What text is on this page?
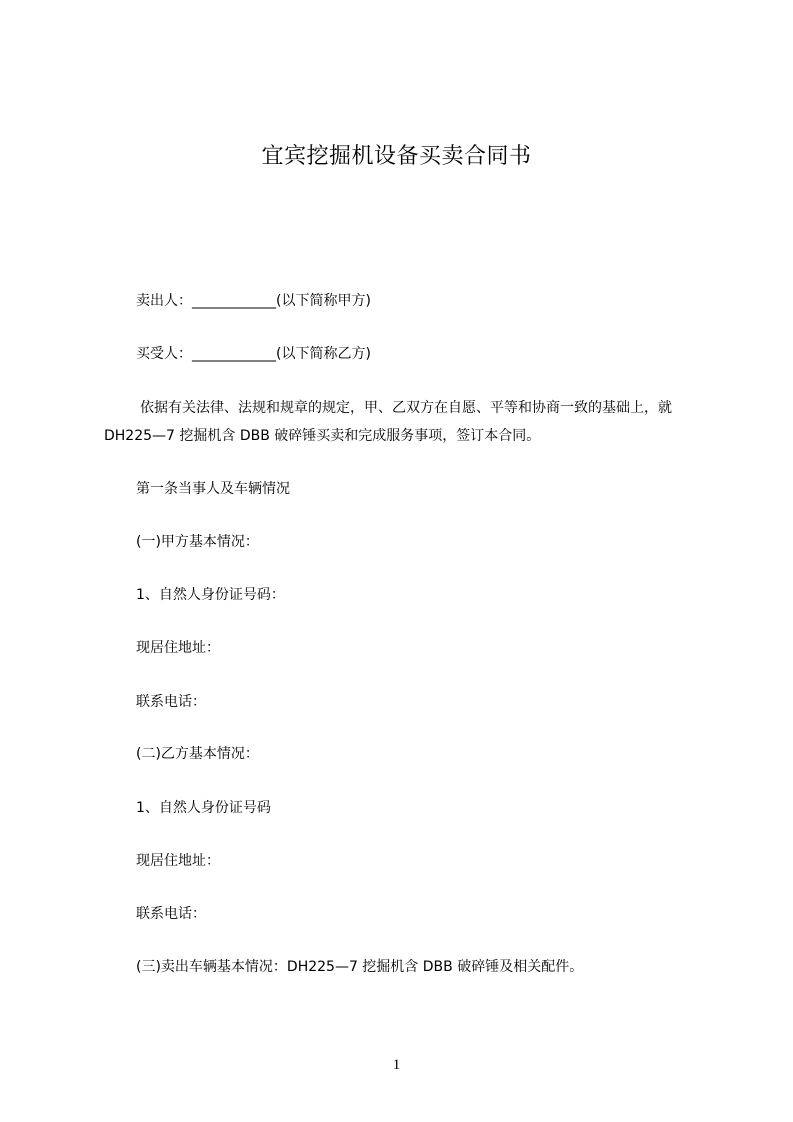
宜宾挖掘机设备买卖合同书
卖出人：____________(以下简称甲方)
买受人：____________(以下简称乙方)
依据有关法律、法规和规章的规定，甲、乙双方在自愿、平等和协商一致的基础上，就 DH225—7 挖掘机含 DBB 破碎锤买卖和完成服务事项，签订本合同。
第一条当事人及车辆情况
(一)甲方基本情况：
1、自然人身份证号码：
现居住地址：
联系电话：
(二)乙方基本情况：
1、自然人身份证号码
现居住地址：
联系电话：
(三)卖出车辆基本情况：DH225—7 挖掘机含 DBB 破碎锤及相关配件。
1
